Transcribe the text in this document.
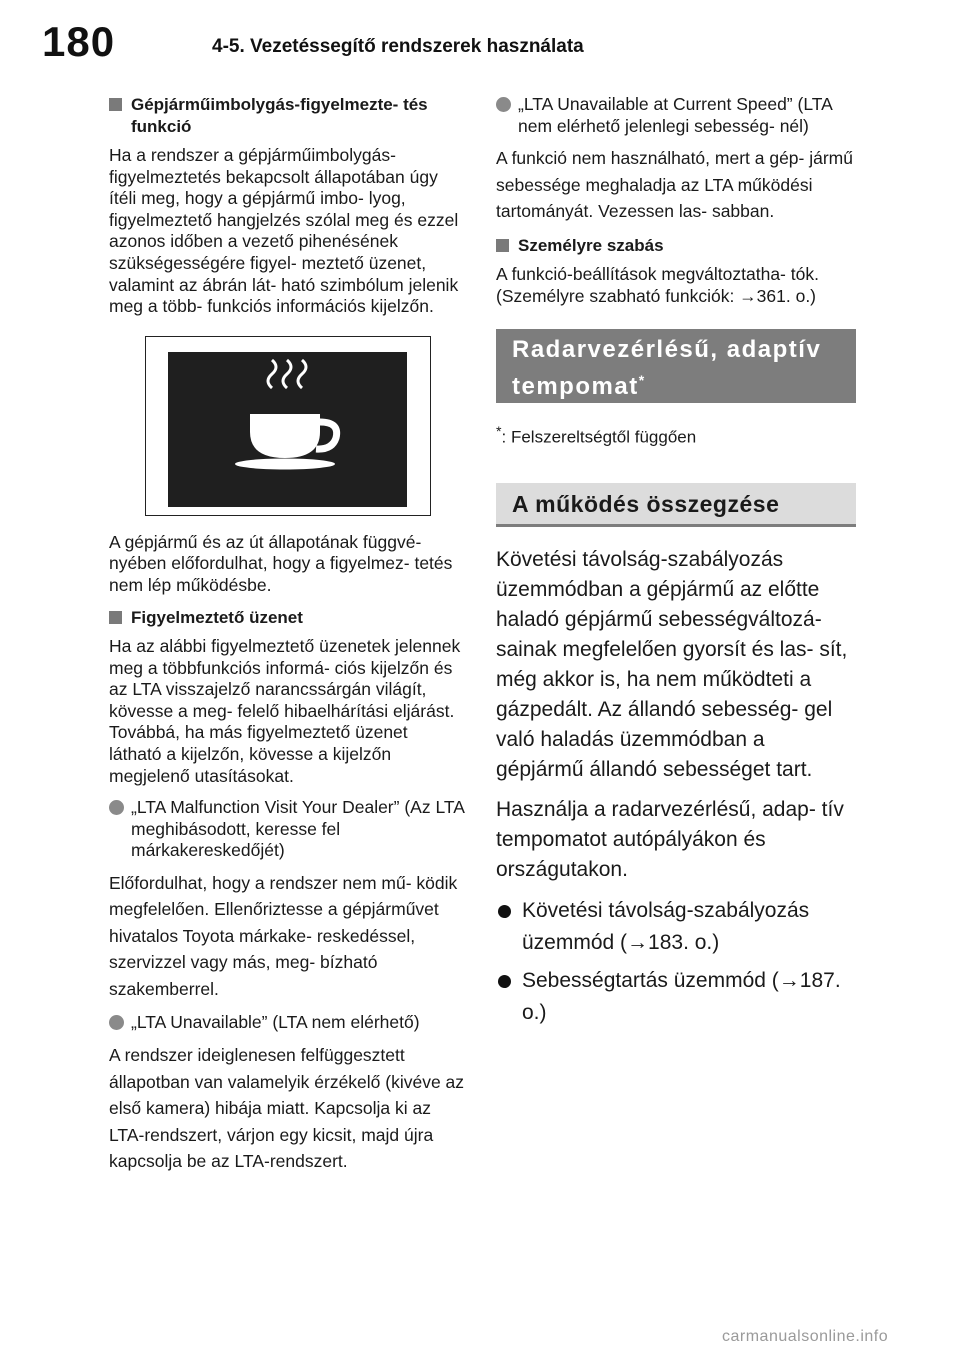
180	4-5. Vezetéssegítő rendszerek használata
Gépjárműimbolygás-figyelmezte- tés funkció

Ha a rendszer a gépjárműimbolygás- figyelmeztetés bekapcsolt állapotában úgy ítéli meg, hogy a gépjármű imbo- lyog, figyelmeztető hangjelzés szólal meg és ezzel azonos időben a vezető pihenésének szükségességére figyel- meztető üzenet, valamint az ábrán lát- ható szimbólum jelenik meg a több- funkciós információs kijelzőn.

A gépjármű és az út állapotának függvé- nyében előfordulhat, hogy a figyelmez- tetés nem lép működésbe.

Figyelmeztető üzenet

Ha az alábbi figyelmeztető üzenetek jelennek meg a többfunkciós informá- ciós kijelzőn és az LTA visszajelző narancssárgán világít, kövesse a meg- felelő hibaelhárítási eljárást. Továbbá, ha más figyelmeztető üzenet látható a kijelzőn, kövesse a kijelzőn megjelenő utasításokat.

„LTA Malfunction Visit Your Dealer” (Az LTA meghibásodott, keresse fel márkakereskedőjét)

Előfordulhat, hogy a rendszer nem mű- ködik megfelelően. Ellenőriztesse a gépjárművet hivatalos Toyota márkake- reskedéssel, szervizzel vagy más, meg- bízható szakemberrel.

„LTA Unavailable” (LTA nem elérhető)

A rendszer ideiglenesen felfüggesztett állapotban van valamelyik érzékelő (kivéve az első kamera) hibája miatt. Kapcsolja ki az LTA-rendszert, várjon egy kicsit, majd újra kapcsolja be az LTA-rendszert.

„LTA Unavailable at Current Speed” (LTA nem elérhető jelenlegi sebesség- nél)

A funkció nem használható, mert a gép- jármű sebessége meghaladja az LTA működési tartományát. Vezessen las- sabban.

Személyre szabás

A funkció-beállítások megváltoztatha- tók. (Személyre szabható funkciók: →361. o.)

Radarvezérlésű, adaptív tempomat*

*: Felszereltségtől függően

A működés összegzése

Követési távolság-szabályozás üzemmódban a gépjármű az előtte haladó gépjármű sebességváltozá- sainak megfelelően gyorsít és las- sít, még akkor is, ha nem működteti a gázpedált. Az állandó sebesség- gel való haladás üzemmódban a gépjármű állandó sebességet tart.

Használja a radarvezérlésű, adap- tív tempomatot autópályákon és országutakon.

Követési távolság-szabályozás üzemmód (→183. o.)
Sebességtartás üzemmód (→187. o.)
carmanualsonline.info
